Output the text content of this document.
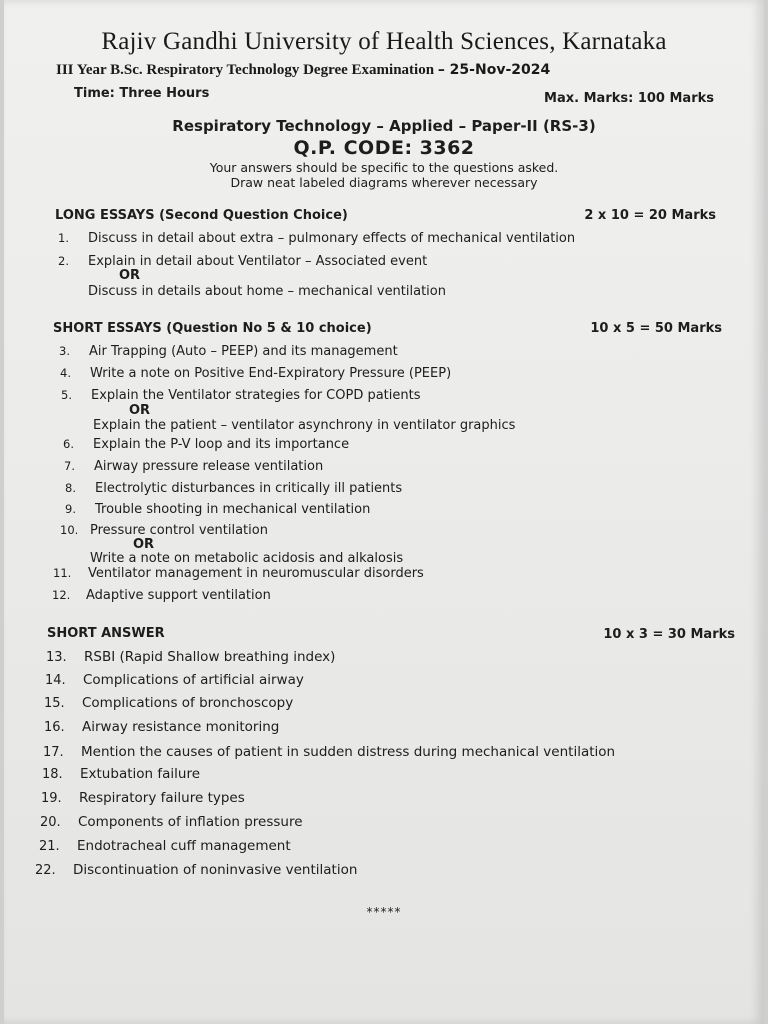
Rajiv Gandhi University of Health Sciences, Karnataka
III Year B.Sc. Respiratory Technology Degree Examination – 25-Nov-2024
Time: Three Hours	Max. Marks: 100 Marks
Respiratory Technology – Applied – Paper-II (RS-3)
Q.P. CODE: 3362
Your answers should be specific to the questions asked.
Draw neat labeled diagrams wherever necessary
LONG ESSAYS (Second Question Choice)	2 x 10 = 20 Marks
1. Discuss in detail about extra – pulmonary effects of mechanical ventilation
2. Explain in detail about Ventilator – Associated event
OR
Discuss in details about home – mechanical ventilation
SHORT ESSAYS (Question No 5 & 10 choice)	10 x 5 = 50 Marks
3. Air Trapping (Auto – PEEP) and its management
4. Write a note on Positive End-Expiratory Pressure (PEEP)
5. Explain the Ventilator strategies for COPD patients
OR
Explain the patient – ventilator asynchrony in ventilator graphics
6. Explain the P-V loop and its importance
7. Airway pressure release ventilation
8. Electrolytic disturbances in critically ill patients
9. Trouble shooting in mechanical ventilation
10. Pressure control ventilation
OR
Write a note on metabolic acidosis and alkalosis
11. Ventilator management in neuromuscular disorders
12. Adaptive support ventilation
SHORT ANSWER	10 x 3 = 30 Marks
13. RSBI (Rapid Shallow breathing index)
14. Complications of artificial airway
15. Complications of bronchoscopy
16. Airway resistance monitoring
17. Mention the causes of patient in sudden distress during mechanical ventilation
18. Extubation failure
19. Respiratory failure types
20. Components of inflation pressure
21. Endotracheal cuff management
22. Discontinuation of noninvasive ventilation
*****
